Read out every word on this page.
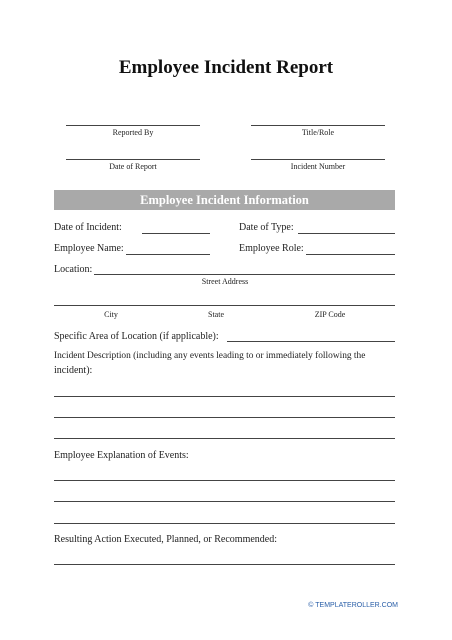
Employee Incident Report
Reported By	Title/Role
Date of Report	Incident Number
Employee Incident Information
Date of Incident:	Date of Type:
Employee Name:	Employee Role:
Location:
Street Address
City	State	ZIP Code
Specific Area of Location (if applicable):
Incident Description (including any events leading to or immediately following the
incident):
Employee Explanation of Events:
Resulting Action Executed, Planned, or Recommended:
© TEMPLATEROLLER.COM
